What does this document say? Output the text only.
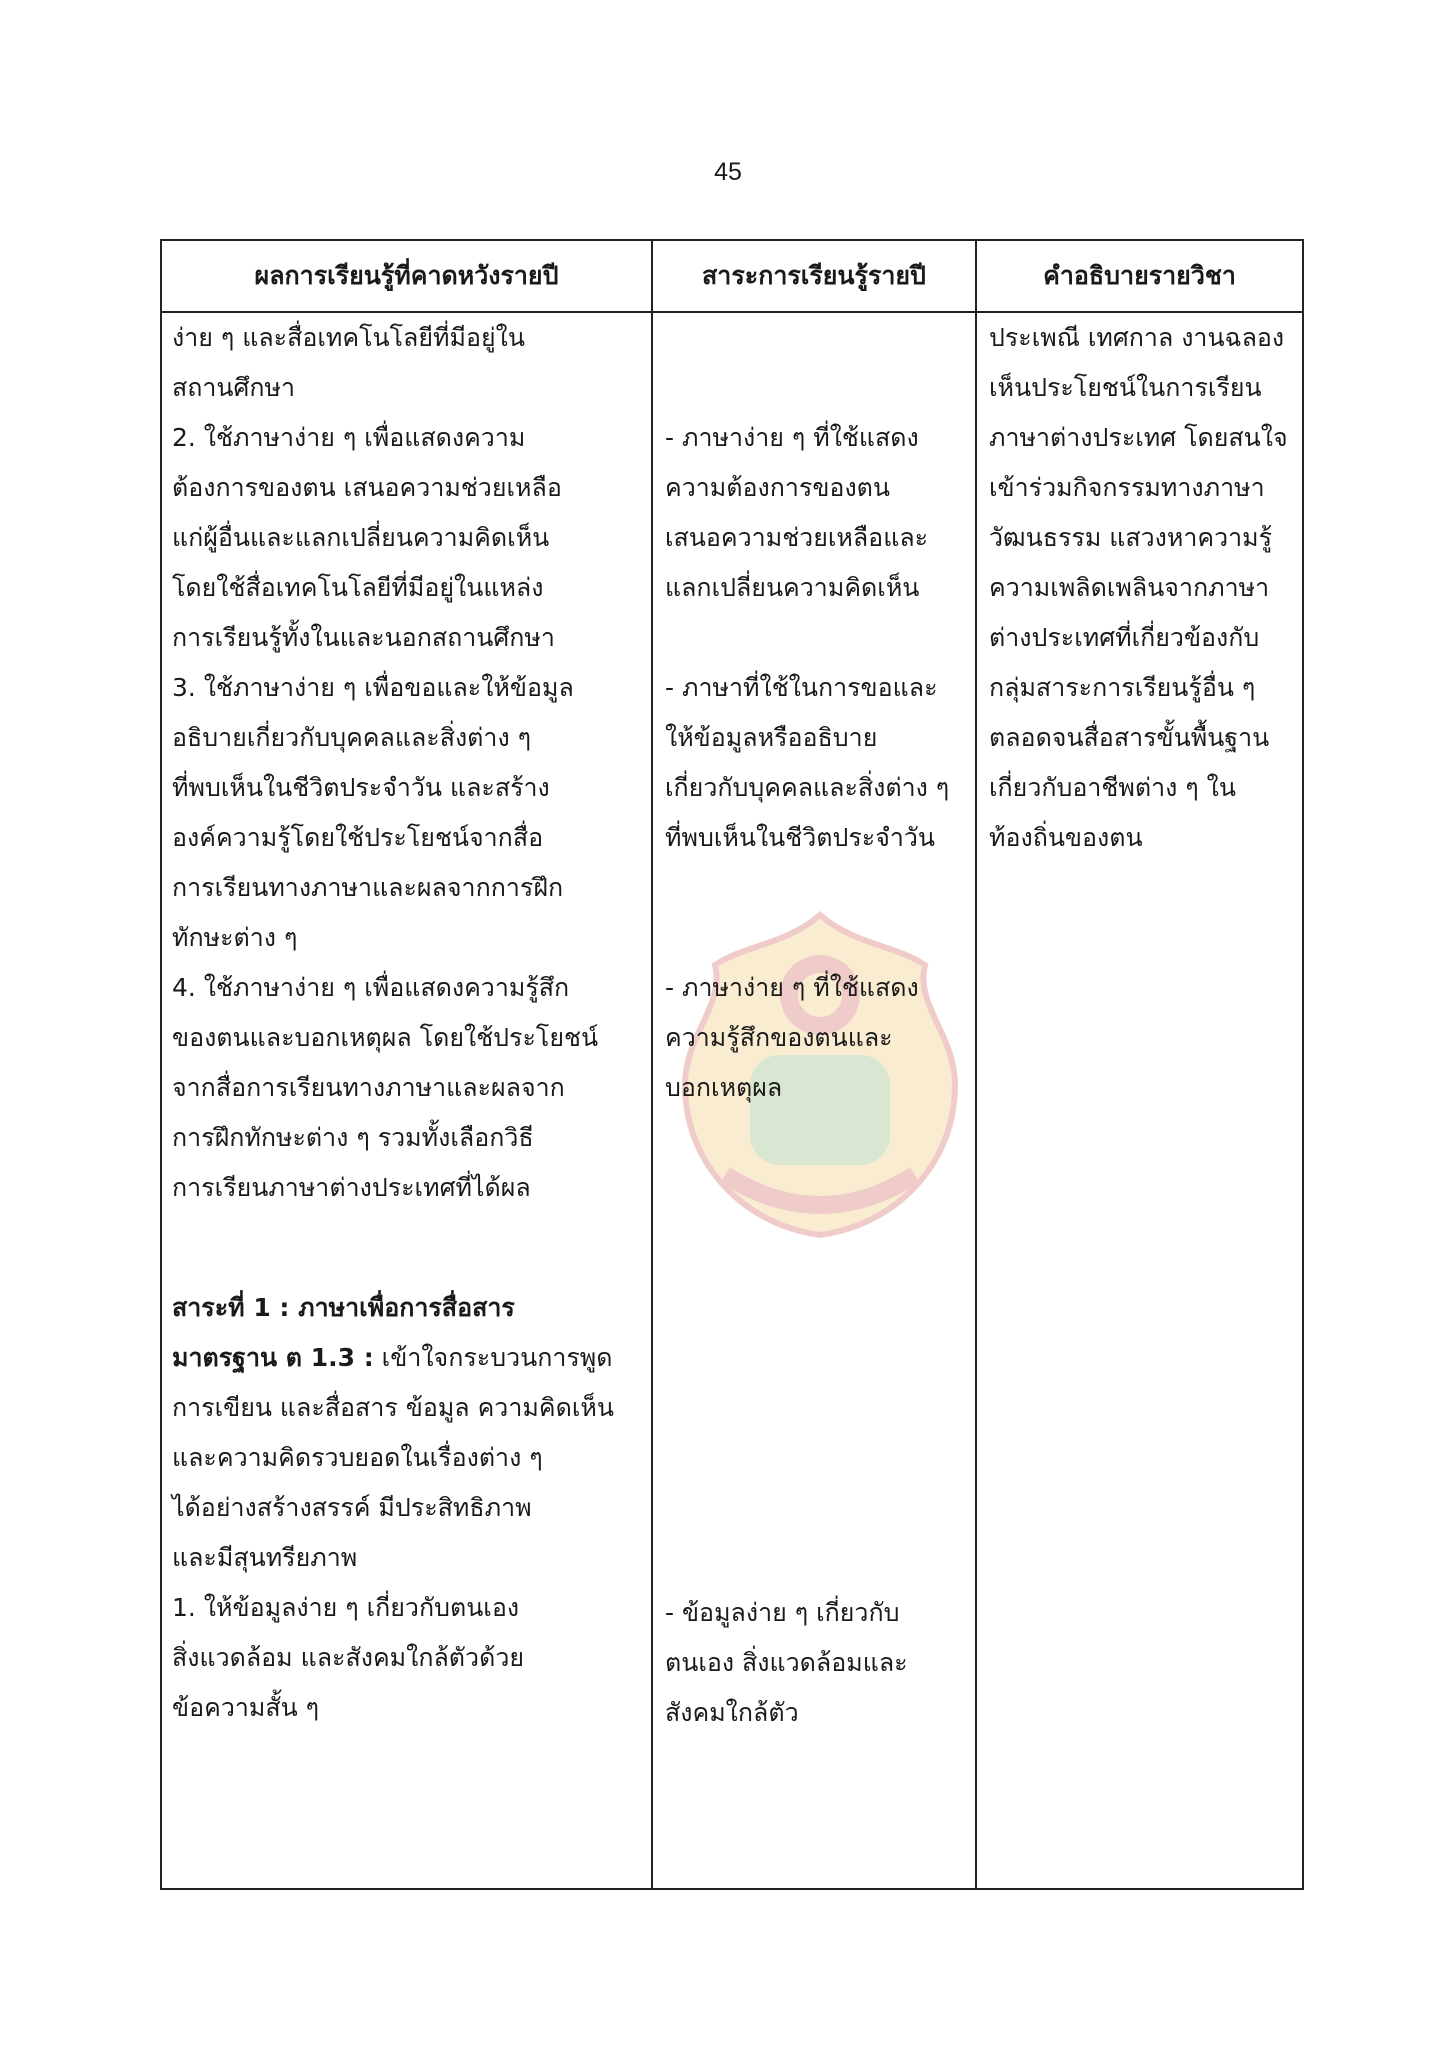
45
ผลการเรียนรู้ที่คาดหวังรายปี	สาระการเรียนรู้รายปี	คำอธิบายรายวิชา
ง่าย ๆ และสื่อเทคโนโลยีที่มีอยู่ใน
สถานศึกษา
2. ใช้ภาษาง่าย ๆ เพื่อแสดงความ
ต้องการของตน เสนอความช่วยเหลือ
แก่ผู้อื่นและแลกเปลี่ยนความคิดเห็น
โดยใช้สื่อเทคโนโลยีที่มีอยู่ในแหล่ง
การเรียนรู้ทั้งในและนอกสถานศึกษา
3. ใช้ภาษาง่าย ๆ เพื่อขอและให้ข้อมูล
อธิบายเกี่ยวกับบุคคลและสิ่งต่าง ๆ
ที่พบเห็นในชีวิตประจำวัน และสร้าง
องค์ความรู้โดยใช้ประโยชน์จากสื่อ
การเรียนทางภาษาและผลจากการฝึก
ทักษะต่าง ๆ
4. ใช้ภาษาง่าย ๆ เพื่อแสดงความรู้สึก
ของตนและบอกเหตุผล โดยใช้ประโยชน์
จากสื่อการเรียนทางภาษาและผลจาก
การฝึกทักษะต่าง ๆ รวมทั้งเลือกวิธี
การเรียนภาษาต่างประเทศที่ได้ผล
สาระที่ 1 : ภาษาเพื่อการสื่อสาร
มาตรฐาน ต 1.3 : เข้าใจกระบวนการพูด
การเขียน และสื่อสาร ข้อมูล ความคิดเห็น
และความคิดรวบยอดในเรื่องต่าง ๆ
ได้อย่างสร้างสรรค์ มีประสิทธิภาพ
และมีสุนทรียภาพ
1. ให้ข้อมูลง่าย ๆ เกี่ยวกับตนเอง
สิ่งแวดล้อม และสังคมใกล้ตัวด้วย
ข้อความสั้น ๆ
- ภาษาง่าย ๆ ที่ใช้แสดง
ความต้องการของตน
เสนอความช่วยเหลือและ
แลกเปลี่ยนความคิดเห็น
- ภาษาที่ใช้ในการขอและ
ให้ข้อมูลหรืออธิบาย
เกี่ยวกับบุคคลและสิ่งต่าง ๆ
ที่พบเห็นในชีวิตประจำวัน
- ภาษาง่าย ๆ ที่ใช้แสดง
ความรู้สึกของตนและ
บอกเหตุผล
- ข้อมูลง่าย ๆ เกี่ยวกับ
ตนเอง สิ่งแวดล้อมและ
สังคมใกล้ตัว
ประเพณี เทศกาล งานฉลอง
เห็นประโยชน์ในการเรียน
ภาษาต่างประเทศ โดยสนใจ
เข้าร่วมกิจกรรมทางภาษา
วัฒนธรรม แสวงหาความรู้
ความเพลิดเพลินจากภาษา
ต่างประเทศที่เกี่ยวข้องกับ
กลุ่มสาระการเรียนรู้อื่น ๆ
ตลอดจนสื่อสารขั้นพื้นฐาน
เกี่ยวกับอาชีพต่าง ๆ ใน
ท้องถิ่นของตน
